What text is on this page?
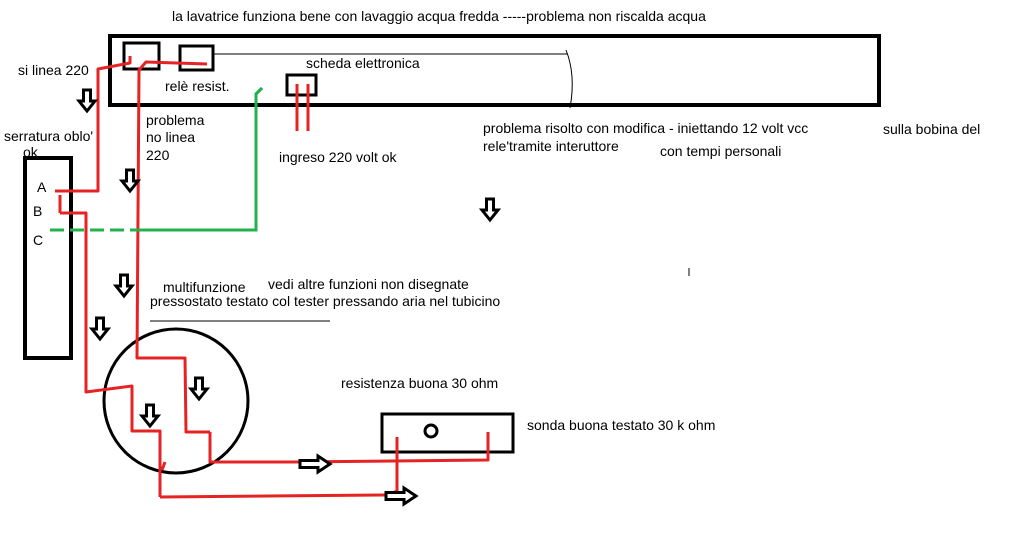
la lavatrice funziona bene con lavaggio acqua fredda -----problema non riscalda acqua
si linea 220
relè resist.
scheda elettronica
problema
no linea
220
serratura oblo'
ok
A
B
C
ingreso 220 volt ok
problema risolto con modifica - iniettando 12 volt vcc	sulla bobina del
rele'tramite interuttore	con tempi personali
multifunzione vedi altre funzioni non disegnate
pressostato testato col tester pressando aria nel tubicino
resistenza buona 30 ohm
sonda buona testato 30 k ohm
